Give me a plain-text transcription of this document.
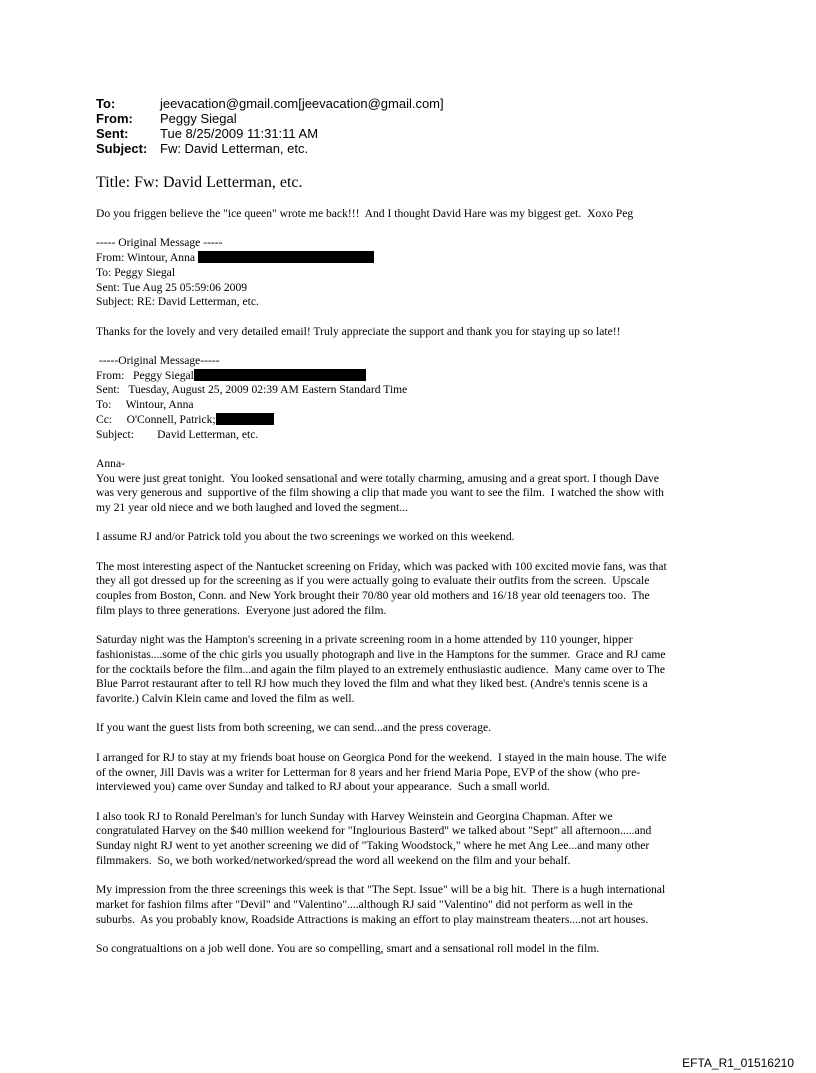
To:	jeevacation@gmail.com[jeevacation@gmail.com]
From:	Peggy Siegal
Sent:	Tue 8/25/2009 11:31:11 AM
Subject: Fw: David Letterman, etc.
Title: Fw: David Letterman, etc.

Do you friggen believe the "ice queen" wrote me back!!!  And I thought David Hare was my biggest get.  Xoxo Peg

----- Original Message -----
From: Wintour, Anna
To: Peggy Siegal
Sent: Tue Aug 25 05:59:06 2009
Subject: RE: David Letterman, etc.

Thanks for the lovely and very detailed email! Truly appreciate the support and thank you for staying up so late!!

-----Original Message-----
From:   Peggy Siegal
Sent:   Tuesday, August 25, 2009 02:39 AM Eastern Standard Time
To:     Wintour, Anna
Cc:     O'Connell, Patrick;
Subject:        David Letterman, etc.

Anna-

You were just great tonight.  You looked sensational and were totally charming, amusing and a great sport. I though Dave
was very generous and  supportive of the film showing a clip that made you want to see the film.  I watched the show with
my 21 year old niece and we both laughed and loved the segment...

I assume RJ and/or Patrick told you about the two screenings we worked on this weekend.

The most interesting aspect of the Nantucket screening on Friday, which was packed with 100 excited movie fans, was that
they all got dressed up for the screening as if you were actually going to evaluate their outfits from the screen.  Upscale
couples from Boston, Conn. and New York brought their 70/80 year old mothers and 16/18 year old teenagers too.  The
film plays to three generations.  Everyone just adored the film.

Saturday night was the Hampton's screening in a private screening room in a home attended by 110 younger, hipper
fashionistas....some of the chic girls you usually photograph and live in the Hamptons for the summer.  Grace and RJ came
for the cocktails before the film...and again the film played to an extremely enthusiastic audience.  Many came over to The
Blue Parrot restaurant after to tell RJ how much they loved the film and what they liked best. (Andre's tennis scene is a
favorite.) Calvin Klein came and loved the film as well.

If you want the guest lists from both screening, we can send...and the press coverage.

I arranged for RJ to stay at my friends boat house on Georgica Pond for the weekend.  I stayed in the main house. The wife
of the owner, Jill Davis was a writer for Letterman for 8 years and her friend Maria Pope, EVP of the show (who pre-
interviewed you) came over Sunday and talked to RJ about your appearance.  Such a small world.

I also took RJ to Ronald Perelman's for lunch Sunday with Harvey Weinstein and Georgina Chapman. After we
congratulated Harvey on the $40 million weekend for "Inglourious Basterd" we talked about "Sept" all afternoon.....and
Sunday night RJ went to yet another screening we did of "Taking Woodstock," where he met Ang Lee...and many other
filmmakers.  So, we both worked/networked/spread the word all weekend on the film and your behalf.

My impression from the three screenings this week is that "The Sept. Issue" will be a big hit.  There is a hugh international
market for fashion films after "Devil" and "Valentino"....although RJ said "Valentino" did not perform as well in the
suburbs.  As you probably know, Roadside Attractions is making an effort to play mainstream theaters....not art houses.

So congratualtions on a job well done. You are so compelling, smart and a sensational roll model in the film.

EFTA_R1_01516210
